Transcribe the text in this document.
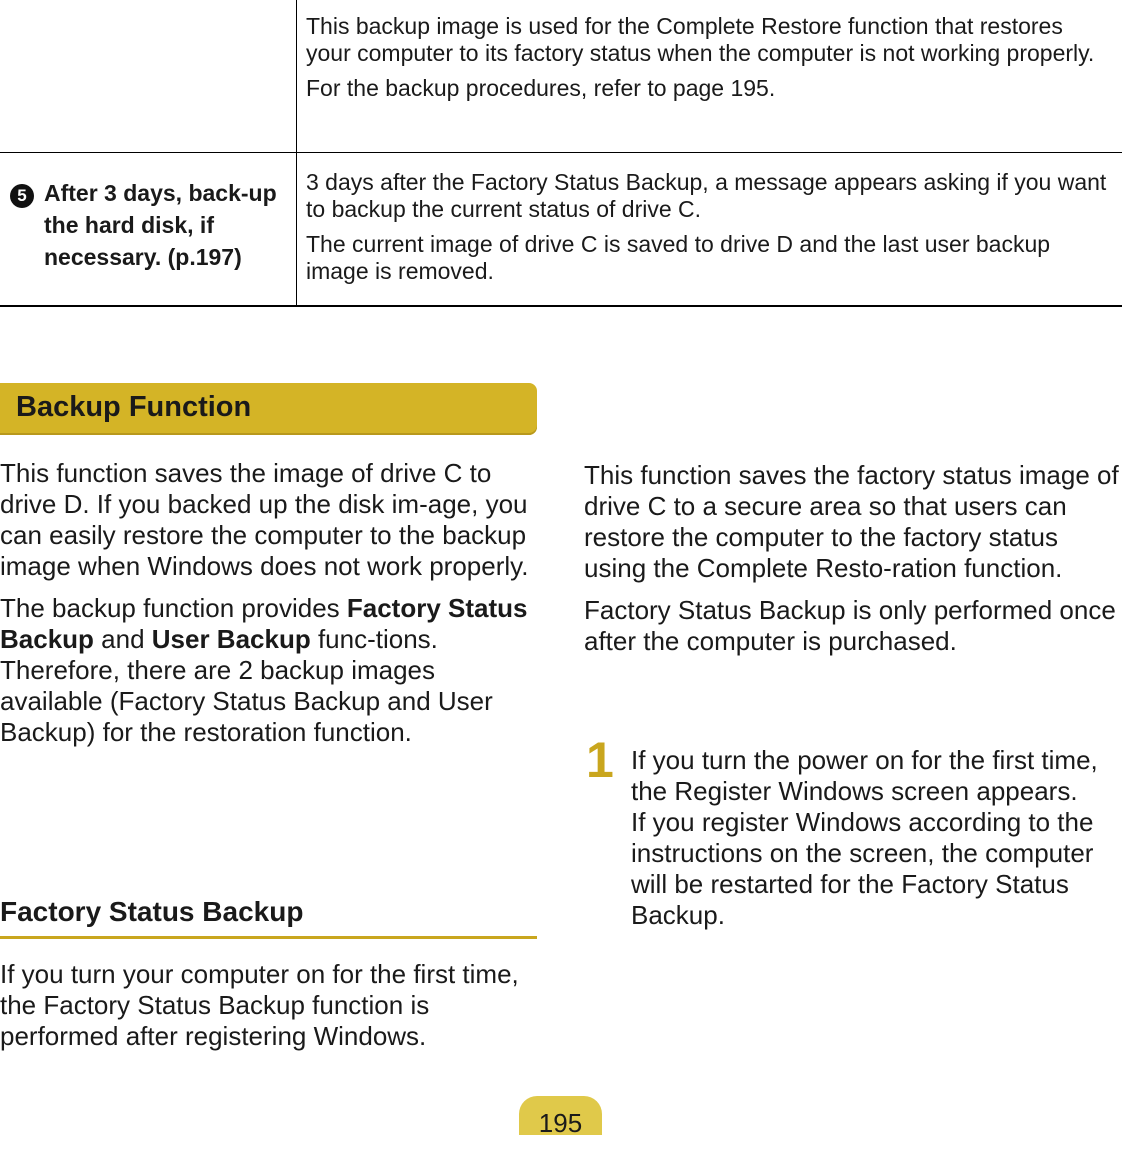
This backup image is used for the Complete Restore function that restores your computer to its factory status when the computer is not working properly.

For the backup procedures, refer to page 195.

5 After 3 days, back-up the hard disk, if necessary. (p.197)

3 days after the Factory Status Backup, a message appears asking if you want to backup the current status of drive C.

The current image of drive C is saved to drive D and the last user backup image is removed.

Backup Function

This function saves the image of drive C to drive D. If you backed up the disk im-age, you can easily restore the computer to the backup image when Windows does not work properly.

The backup function provides Factory Status Backup and User Backup func-tions. Therefore, there are 2 backup images available (Factory Status Backup and User Backup) for the restoration function.

Factory Status Backup

If you turn your computer on for the first time, the Factory Status Backup function is performed after registering Windows.

This function saves the factory status image of drive C to a secure area so that users can restore the computer to the factory status using the Complete Resto-ration function.

Factory Status Backup is only performed once after the computer is purchased.

1 If you turn the power on for the first time, the Register Windows screen appears.

If you register Windows according to the instructions on the screen, the computer will be restarted for the Factory Status Backup.

195
